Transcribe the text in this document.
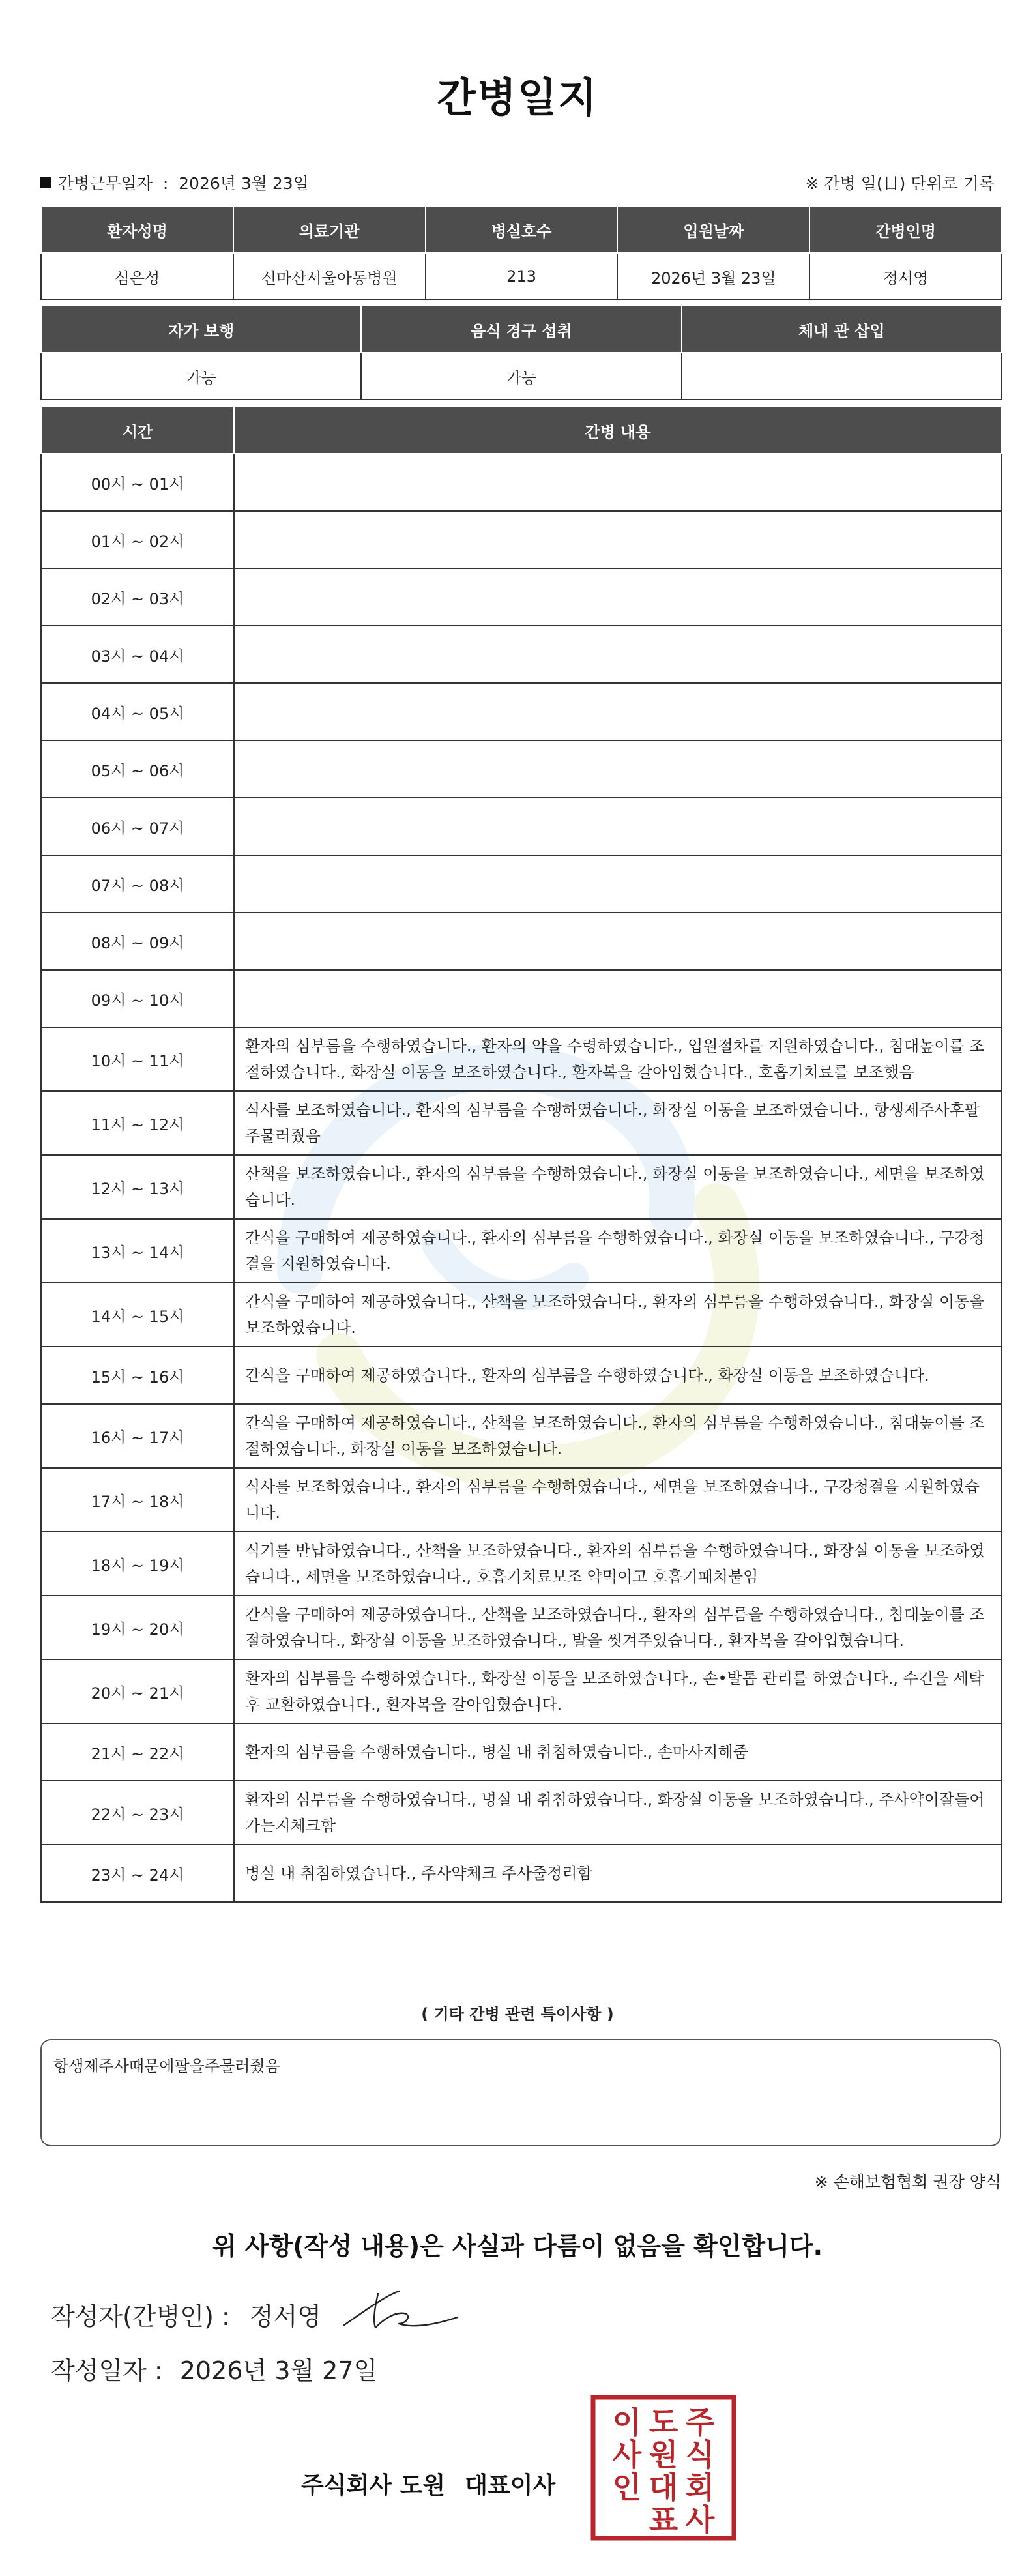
간병일지
간병근무일자 : 2026년 3월 23일	※ 간병 일(日) 단위로 기록
환자성명	의료기관	병실호수	입원날짜	간병인명
심은성	신마산서울아동병원	213	2026년 3월 23일	정서영
자가 보행	음식 경구 섭취	체내 관 삽입
가능	가능	
시간	간병 내용
00시 ~ 01시	
01시 ~ 02시	
02시 ~ 03시	
03시 ~ 04시	
04시 ~ 05시	
05시 ~ 06시	
06시 ~ 07시	
07시 ~ 08시	
08시 ~ 09시	
09시 ~ 10시	
10시 ~ 11시	환자의 심부름을 수행하였습니다., 환자의 약을 수령하였습니다., 입원절차를 지원하였습니다., 침대높이를 조절하였습니다., 화장실 이동을 보조하였습니다., 환자복을 갈아입혔습니다., 호흡기치료를 보조했음
11시 ~ 12시	식사를 보조하였습니다., 환자의 심부름을 수행하였습니다., 화장실 이동을 보조하였습니다., 항생제주사후팔주물러줬음
12시 ~ 13시	산책을 보조하였습니다., 환자의 심부름을 수행하였습니다., 화장실 이동을 보조하였습니다., 세면을 보조하였습니다.
13시 ~ 14시	간식을 구매하여 제공하였습니다., 환자의 심부름을 수행하였습니다., 화장실 이동을 보조하였습니다., 구강청결을 지원하였습니다.
14시 ~ 15시	간식을 구매하여 제공하였습니다., 산책을 보조하였습니다., 환자의 심부름을 수행하였습니다., 화장실 이동을 보조하였습니다.
15시 ~ 16시	간식을 구매하여 제공하였습니다., 환자의 심부름을 수행하였습니다., 화장실 이동을 보조하였습니다.
16시 ~ 17시	간식을 구매하여 제공하였습니다., 산책을 보조하였습니다., 환자의 심부름을 수행하였습니다., 침대높이를 조절하였습니다., 화장실 이동을 보조하였습니다.
17시 ~ 18시	식사를 보조하였습니다., 환자의 심부름을 수행하였습니다., 세면을 보조하였습니다., 구강청결을 지원하였습니다.
18시 ~ 19시	식기를 반납하였습니다., 산책을 보조하였습니다., 환자의 심부름을 수행하였습니다., 화장실 이동을 보조하였습니다., 세면을 보조하였습니다., 호흡기치료보조 약먹이고 호흡기패치붙임
19시 ~ 20시	간식을 구매하여 제공하였습니다., 산책을 보조하였습니다., 환자의 심부름을 수행하였습니다., 침대높이를 조절하였습니다., 화장실 이동을 보조하였습니다., 발을 씻겨주었습니다., 환자복을 갈아입혔습니다.
20시 ~ 21시	환자의 심부름을 수행하였습니다., 화장실 이동을 보조하였습니다., 손•발톱 관리를 하였습니다., 수건을 세탁 후 교환하였습니다., 환자복을 갈아입혔습니다.
21시 ~ 22시	환자의 심부름을 수행하였습니다., 병실 내 취침하였습니다., 손마사지해줌
22시 ~ 23시	환자의 심부름을 수행하였습니다., 병실 내 취침하였습니다., 화장실 이동을 보조하였습니다., 주사약이잘들어가는지체크함
23시 ~ 24시	병실 내 취침하였습니다., 주사약체크 주사줄정리함
( 기타 간병 관련 특이사항 )
항생제주사때문에팔을주물러줬음
※ 손해보험협회 권장 양식
위 사항(작성 내용)은 사실과 다름이 없음을 확인합니다.
작성자(간병인) : 정서영
작성일자 : 2026년 3월 27일
주식회사 도원 대표이사
주
식
회
사
도
원
대
표
이
사
인
